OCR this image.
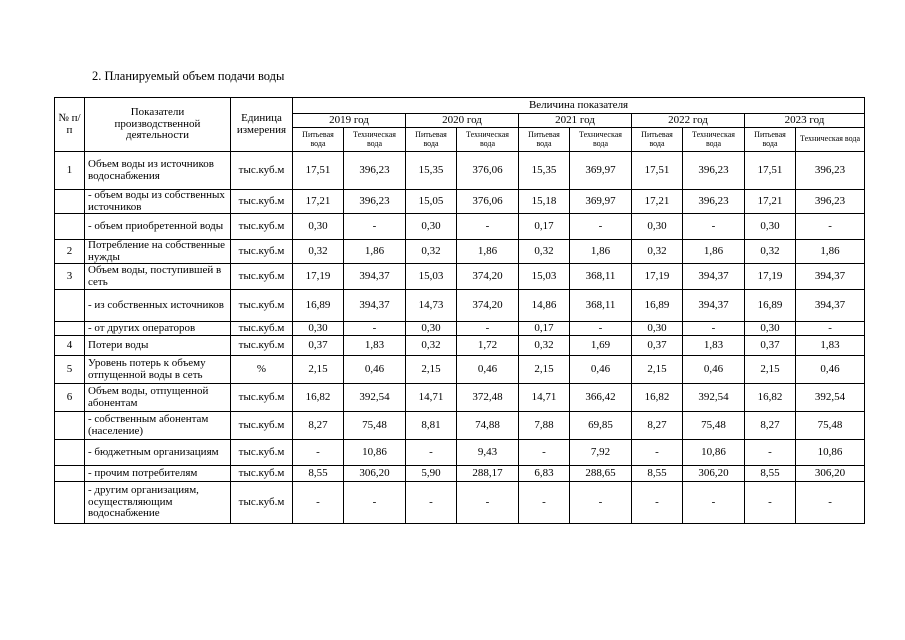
2. Планируемый объем подачи воды
№ п/п	Показатели производственной деятельности	Единица измерения	Величина показателя									
			2019 год		2020 год		2021 год		2022 год		2023 год	
			Питьевая вода	Техническая вода	Питьевая вода	Техническая вода	Питьевая вода	Техническая вода	Питьевая вода	Техническая вода	Питьевая вода	Техническая вода
1	Объем воды из источников водоснабжения	тыс.куб.м	17,51	396,23	15,35	376,06	15,35	369,97	17,51	396,23	17,51	396,23
	- объем воды из собственных источников	тыс.куб.м	17,21	396,23	15,05	376,06	15,18	369,97	17,21	396,23	17,21	396,23
	- объем приобретенной воды	тыс.куб.м	0,30	-	0,30	-	0,17	-	0,30	-	0,30	-
2	Потребление на собственные нужды	тыс.куб.м	0,32	1,86	0,32	1,86	0,32	1,86	0,32	1,86	0,32	1,86
3	Объем воды, поступившей в сеть	тыс.куб.м	17,19	394,37	15,03	374,20	15,03	368,11	17,19	394,37	17,19	394,37
	- из собственных источников	тыс.куб.м	16,89	394,37	14,73	374,20	14,86	368,11	16,89	394,37	16,89	394,37
	- от других операторов	тыс.куб.м	0,30	-	0,30	-	0,17	-	0,30	-	0,30	-
4	Потери воды	тыс.куб.м	0,37	1,83	0,32	1,72	0,32	1,69	0,37	1,83	0,37	1,83
5	Уровень потерь к объему отпущенной воды в сеть	%	2,15	0,46	2,15	0,46	2,15	0,46	2,15	0,46	2,15	0,46
6	Объем воды, отпущенной абонентам	тыс.куб.м	16,82	392,54	14,71	372,48	14,71	366,42	16,82	392,54	16,82	392,54
	- собственным абонентам (население)	тыс.куб.м	8,27	75,48	8,81	74,88	7,88	69,85	8,27	75,48	8,27	75,48
	- бюджетным организациям	тыс.куб.м	-	10,86	-	9,43	-	7,92	-	10,86	-	10,86
	- прочим потребителям	тыс.куб.м	8,55	306,20	5,90	288,17	6,83	288,65	8,55	306,20	8,55	306,20
	- другим организациям, осуществляющим водоснабжение	тыс.куб.м	-	-	-	-	-	-	-	-	-	-
